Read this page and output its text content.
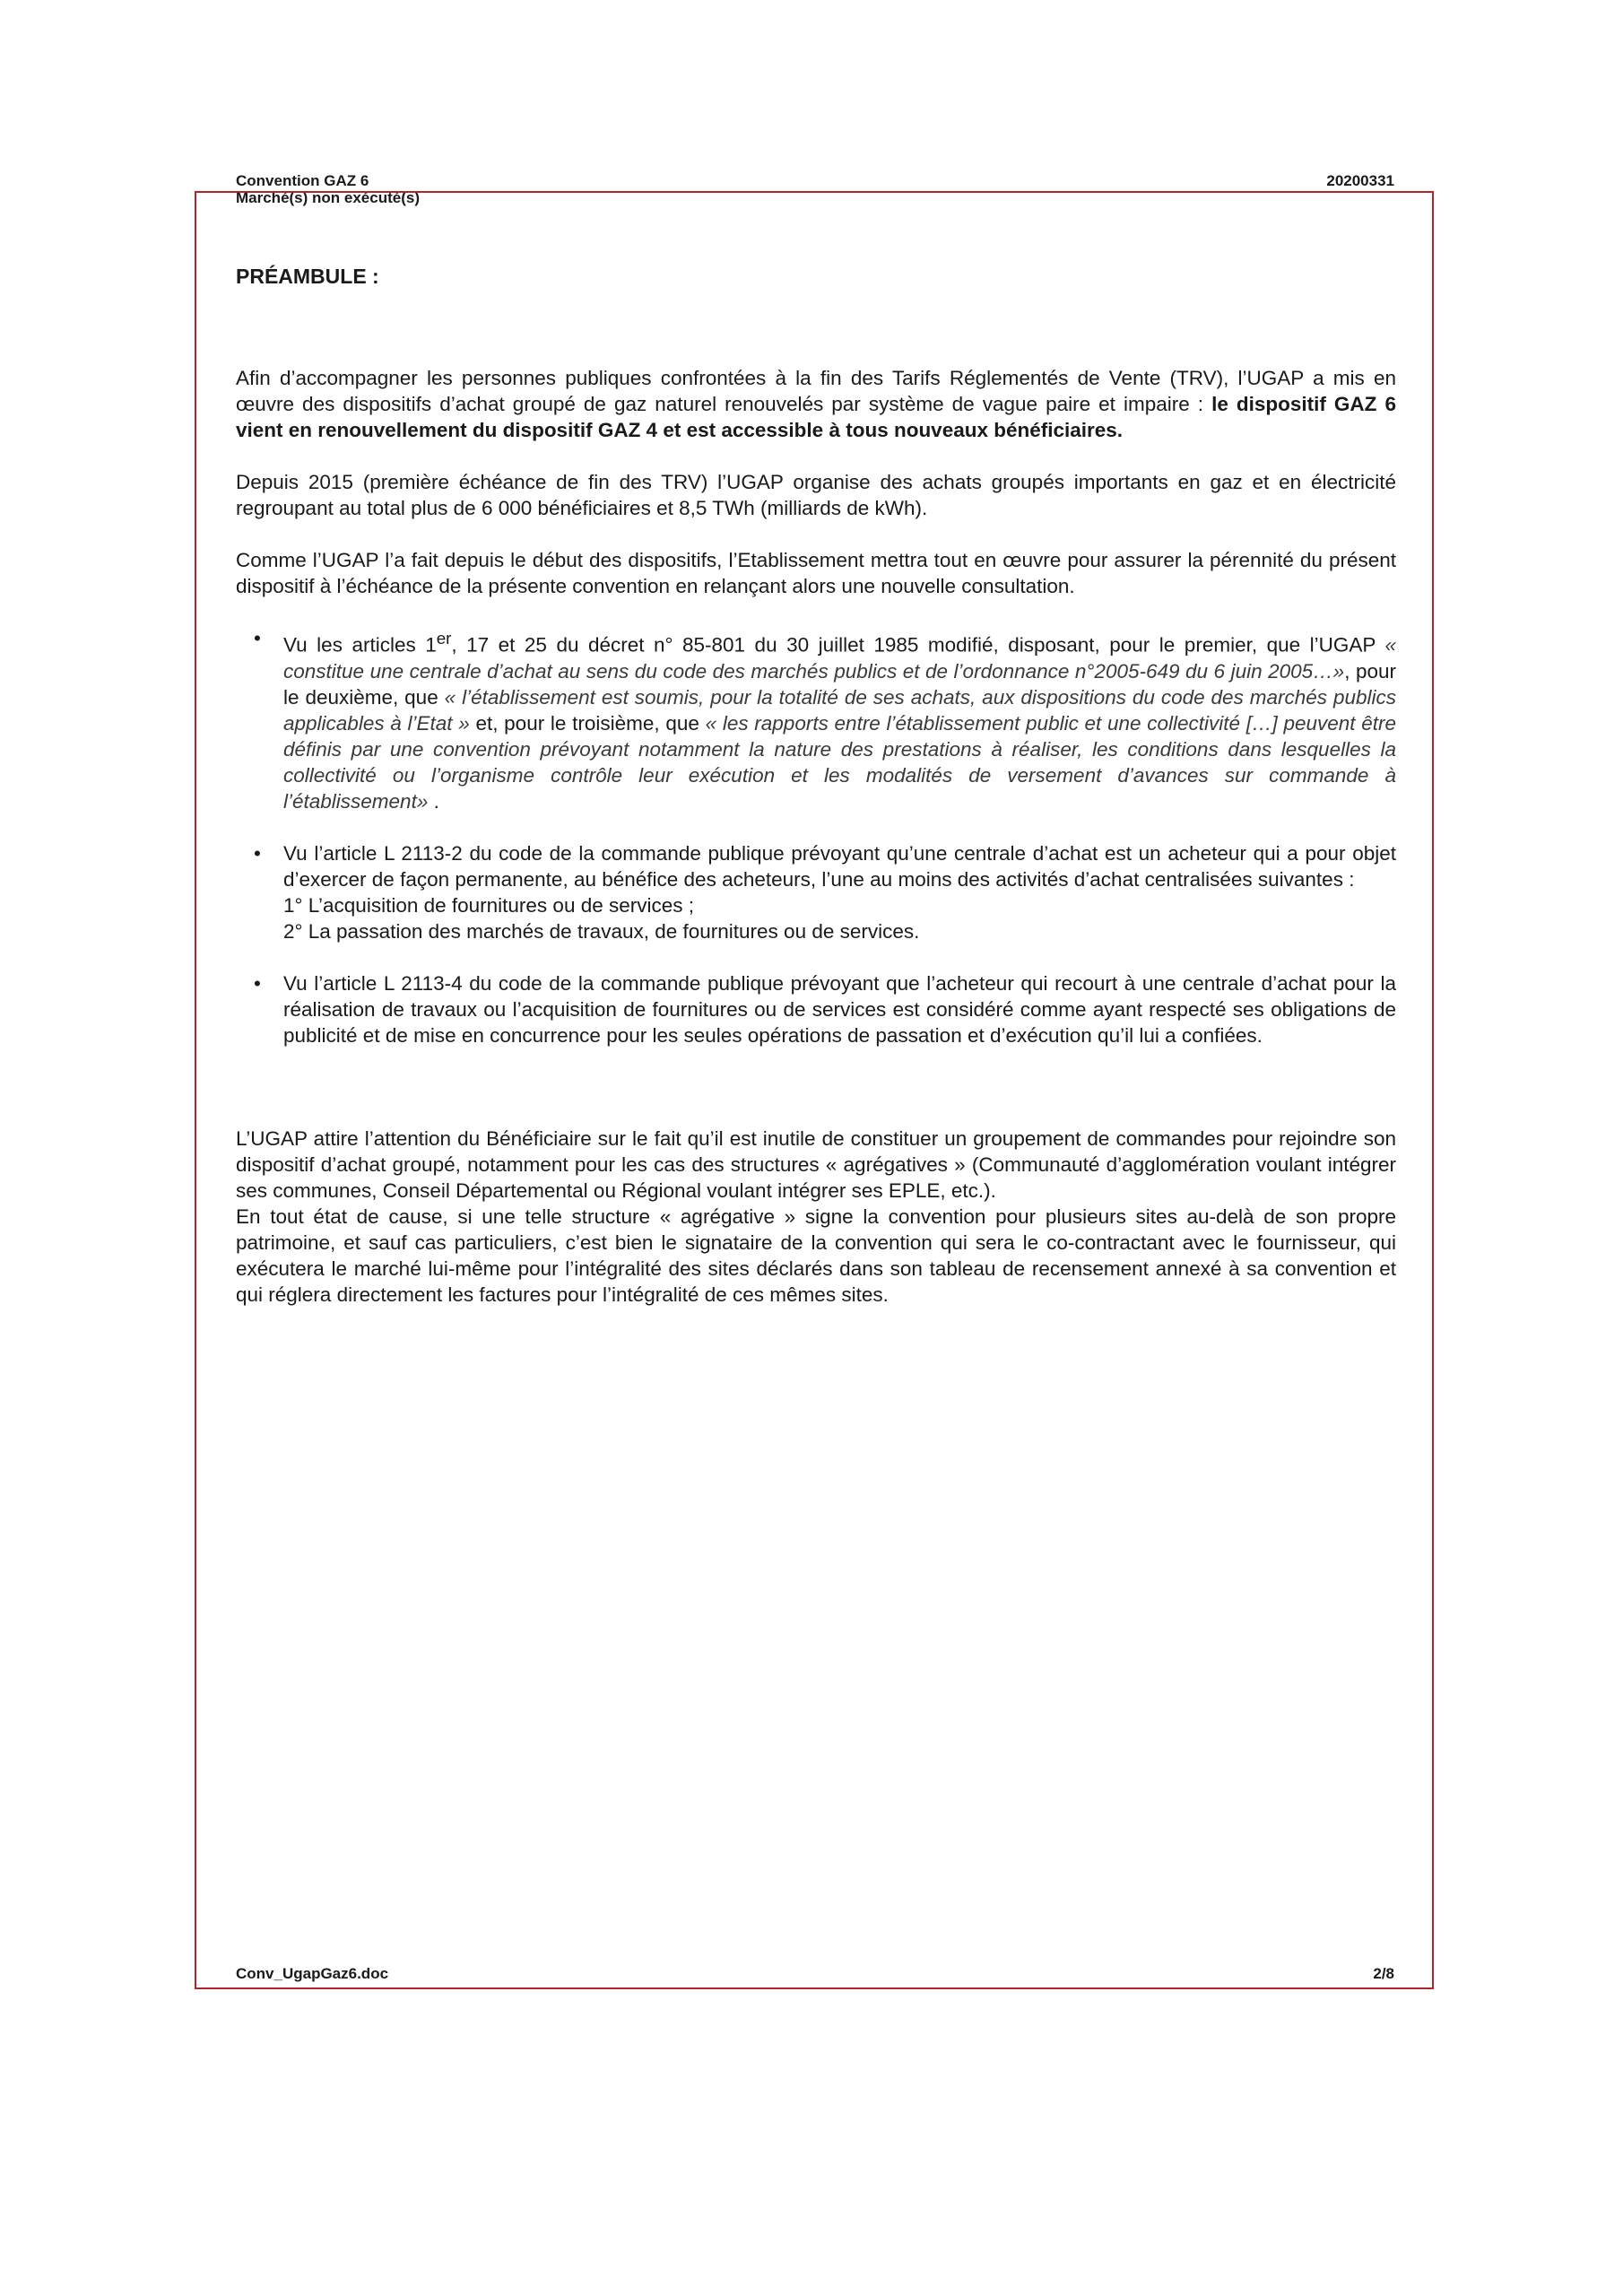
Convention GAZ 6
Marché(s) non exécuté(s)
20200331
PRÉAMBULE :

Afin d’accompagner les personnes publiques confrontées à la fin des Tarifs Réglementés de Vente (TRV), l’UGAP a mis en œuvre des dispositifs d’achat groupé de gaz naturel renouvelés par système de vague paire et impaire : le dispositif GAZ 6 vient en renouvellement du dispositif GAZ 4 et est accessible à tous nouveaux bénéficiaires.

Depuis 2015 (première échéance de fin des TRV) l’UGAP organise des achats groupés importants en gaz et en électricité regroupant au total plus de 6 000 bénéficiaires et 8,5 TWh (milliards de kWh).

Comme l’UGAP l’a fait depuis le début des dispositifs, l’Etablissement mettra tout en œuvre pour assurer la pérennité du présent dispositif à l’échéance de la présente convention en relançant alors une nouvelle consultation.

• Vu les articles 1er, 17 et 25 du décret n° 85-801 du 30 juillet 1985 modifié, disposant, pour le premier, que l’UGAP « constitue une centrale d’achat au sens du code des marchés publics et de l’ordonnance n°2005-649 du 6 juin 2005…», pour le deuxième, que « l’établissement est soumis, pour la totalité de ses achats, aux dispositions du code des marchés publics applicables à l’Etat » et, pour le troisième, que « les rapports entre l’établissement public et une collectivité […] peuvent être définis par une convention prévoyant notamment la nature des prestations à réaliser, les conditions dans lesquelles la collectivité ou l’organisme contrôle leur exécution et les modalités de versement d’avances sur commande à l’établissement» .
• Vu l’article L 2113-2 du code de la commande publique prévoyant qu’une centrale d’achat est un acheteur qui a pour objet d’exercer de façon permanente, au bénéfice des acheteurs, l’une au moins des activités d’achat centralisées suivantes :
1° L’acquisition de fournitures ou de services ;
2° La passation des marchés de travaux, de fournitures ou de services.
• Vu l’article L 2113-4 du code de la commande publique prévoyant que l’acheteur qui recourt à une centrale d’achat pour la réalisation de travaux ou l’acquisition de fournitures ou de services est considéré comme ayant respecté ses obligations de publicité et de mise en concurrence pour les seules opérations de passation et d’exécution qu’il lui a confiées.

L’UGAP attire l’attention du Bénéficiaire sur le fait qu’il est inutile de constituer un groupement de commandes pour rejoindre son dispositif d’achat groupé, notamment pour les cas des structures « agrégatives » (Communauté d’agglomération voulant intégrer ses communes, Conseil Départemental ou Régional voulant intégrer ses EPLE, etc.).

En tout état de cause, si une telle structure « agrégative » signe la convention pour plusieurs sites au-delà de son propre patrimoine, et sauf cas particuliers, c’est bien le signataire de la convention qui sera le co-contractant avec le fournisseur, qui exécutera le marché lui-même pour l’intégralité des sites déclarés dans son tableau de recensement annexé à sa convention et qui réglera directement les factures pour l’intégralité de ces mêmes sites.

Conv_UgapGaz6.doc	2/8
